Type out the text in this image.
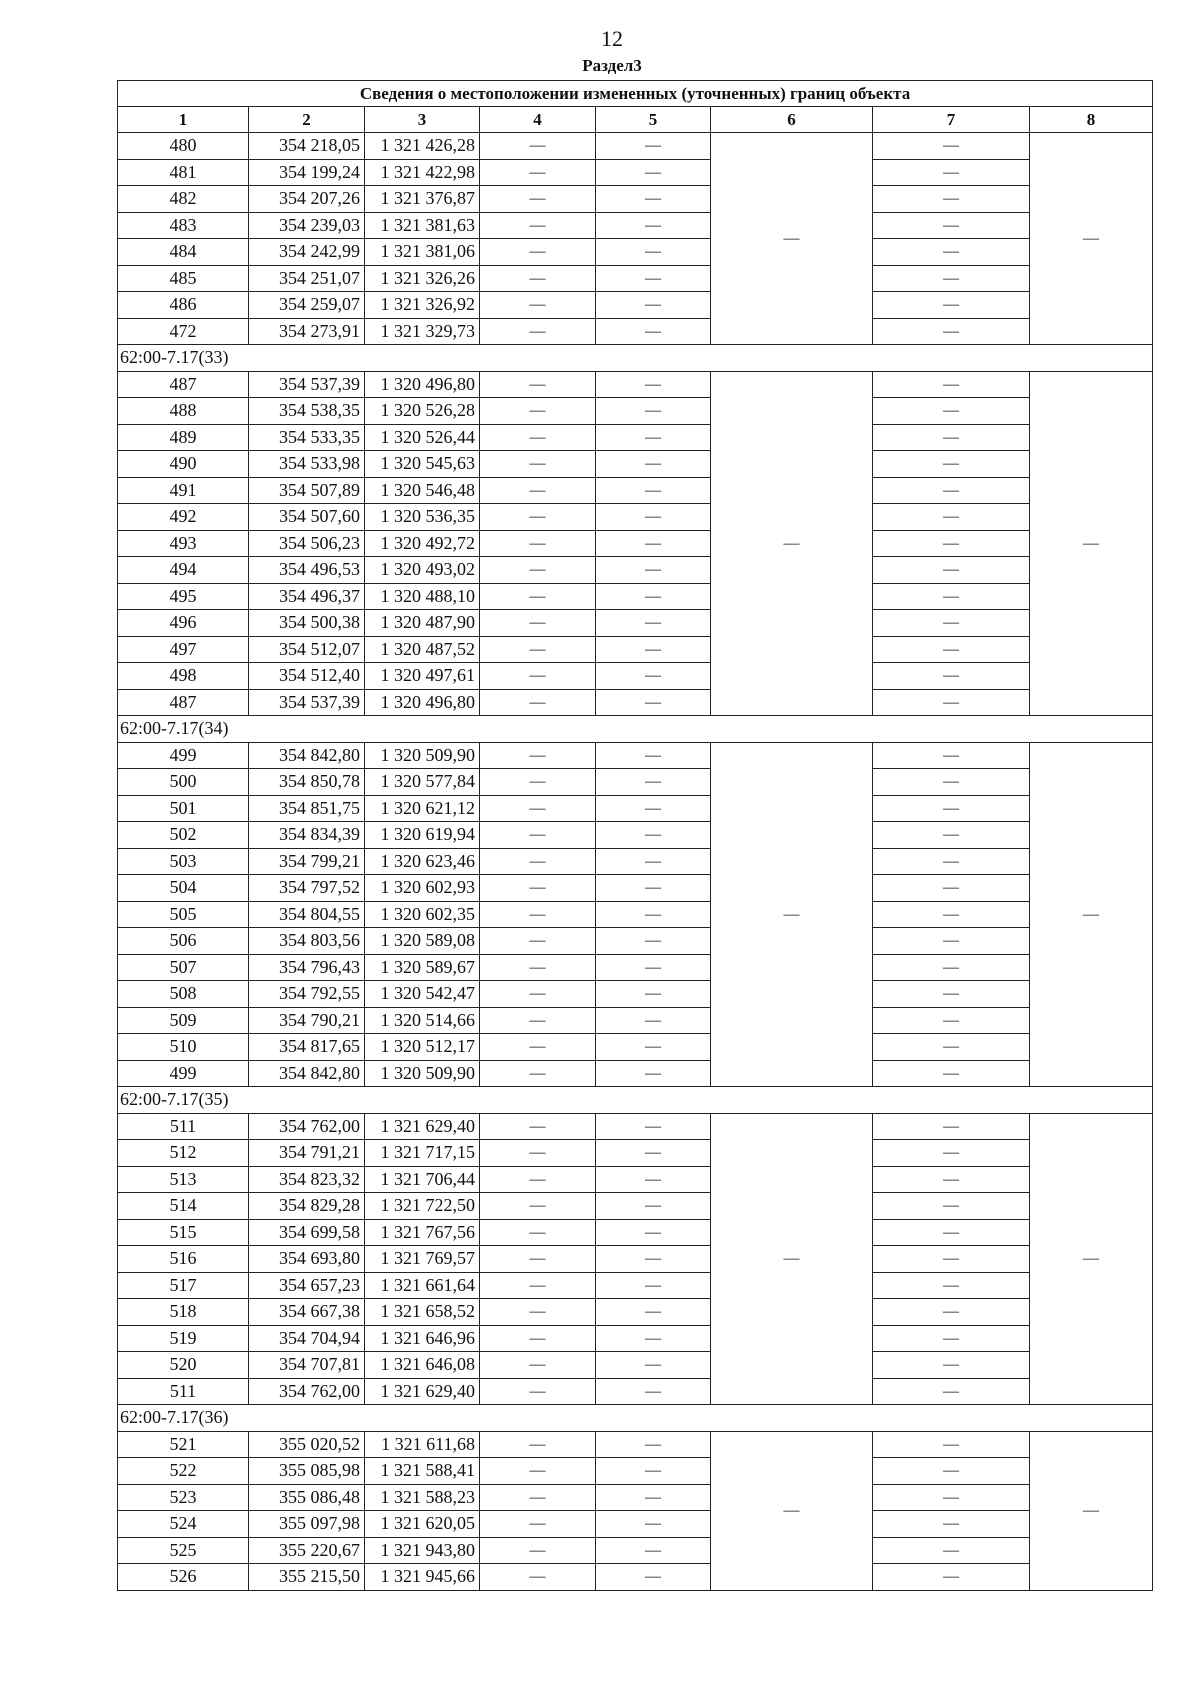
12
Раздел3
Сведения о местоположении измененных (уточненных) границ объекта							
1	2	3	4	5	6	7	8
480	354 218,05	1 321 426,28	—	—	—	—	—
481	354 199,24	1 321 422,98	—	—		—	
482	354 207,26	1 321 376,87	—	—		—	
483	354 239,03	1 321 381,63	—	—		—	
484	354 242,99	1 321 381,06	—	—		—	
485	354 251,07	1 321 326,26	—	—		—	
486	354 259,07	1 321 326,92	—	—		—	
472	354 273,91	1 321 329,73	—	—		—	
62:00-7.17(33)							
487	354 537,39	1 320 496,80	—	—	—	—	—
488	354 538,35	1 320 526,28	—	—		—	
489	354 533,35	1 320 526,44	—	—		—	
490	354 533,98	1 320 545,63	—	—		—	
491	354 507,89	1 320 546,48	—	—		—	
492	354 507,60	1 320 536,35	—	—		—	
493	354 506,23	1 320 492,72	—	—		—	
494	354 496,53	1 320 493,02	—	—		—	
495	354 496,37	1 320 488,10	—	—		—	
496	354 500,38	1 320 487,90	—	—		—	
497	354 512,07	1 320 487,52	—	—		—	
498	354 512,40	1 320 497,61	—	—		—	
487	354 537,39	1 320 496,80	—	—		—	
62:00-7.17(34)							
499	354 842,80	1 320 509,90	—	—	—	—	—
500	354 850,78	1 320 577,84	—	—		—	
501	354 851,75	1 320 621,12	—	—		—	
502	354 834,39	1 320 619,94	—	—		—	
503	354 799,21	1 320 623,46	—	—		—	
504	354 797,52	1 320 602,93	—	—		—	
505	354 804,55	1 320 602,35	—	—		—	
506	354 803,56	1 320 589,08	—	—		—	
507	354 796,43	1 320 589,67	—	—		—	
508	354 792,55	1 320 542,47	—	—		—	
509	354 790,21	1 320 514,66	—	—		—	
510	354 817,65	1 320 512,17	—	—		—	
499	354 842,80	1 320 509,90	—	—		—	
62:00-7.17(35)							
511	354 762,00	1 321 629,40	—	—	—	—	—
512	354 791,21	1 321 717,15	—	—		—	
513	354 823,32	1 321 706,44	—	—		—	
514	354 829,28	1 321 722,50	—	—		—	
515	354 699,58	1 321 767,56	—	—		—	
516	354 693,80	1 321 769,57	—	—		—	
517	354 657,23	1 321 661,64	—	—		—	
518	354 667,38	1 321 658,52	—	—		—	
519	354 704,94	1 321 646,96	—	—		—	
520	354 707,81	1 321 646,08	—	—		—	
511	354 762,00	1 321 629,40	—	—		—	
62:00-7.17(36)							
521	355 020,52	1 321 611,68	—	—	—	—	—
522	355 085,98	1 321 588,41	—	—		—	
523	355 086,48	1 321 588,23	—	—		—	
524	355 097,98	1 321 620,05	—	—		—	
525	355 220,67	1 321 943,80	—	—		—	
526	355 215,50	1 321 945,66	—	—		—	
